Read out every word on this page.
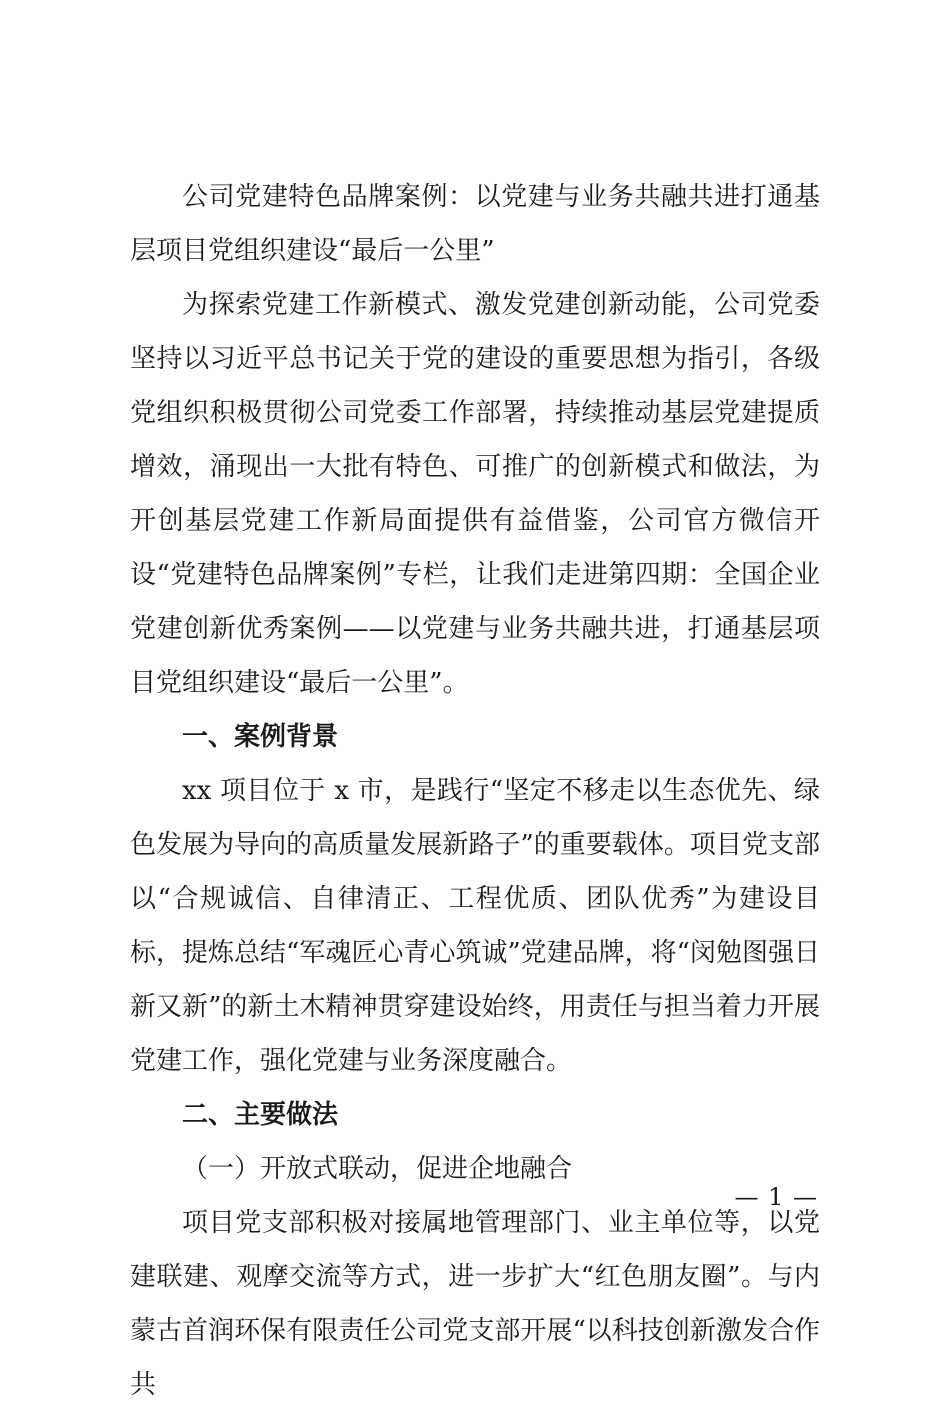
公司党建特色品牌案例：以党建与业务共融共进打通基层项目党组织建设“最后一公里”

为探索党建工作新模式、激发党建创新动能，公司党委坚持以习近平总书记关于党的建设的重要思想为指引，各级党组织积极贯彻公司党委工作部署，持续推动基层党建提质增效，涌现出一大批有特色、可推广的创新模式和做法，为开创基层党建工作新局面提供有益借鉴，公司官方微信开设“党建特色品牌案例”专栏，让我们走进第四期：全国企业党建创新优秀案例——以党建与业务共融共进，打通基层项目党组织建设“最后一公里”。

一、案例背景

xx 项目位于 x 市，是践行“坚定不移走以生态优先、绿色发展为导向的高质量发展新路子”的重要载体。项目党支部以“合规诚信、自律清正、工程优质、团队优秀”为建设目标，提炼总结“军魂匠心青心筑诚”党建品牌，将“闵勉图强日新又新”的新土木精神贯穿建设始终，用责任与担当着力开展党建工作，强化党建与业务深度融合。

二、主要做法
（一）开放式联动，促进企地融合

项目党支部积极对接属地管理部门、业主单位等，以党建联建、观摩交流等方式，进一步扩大“红色朋友圈”。与内蒙古首润环保有限责任公司党支部开展“以科技创新激发合作共

— 1 —
